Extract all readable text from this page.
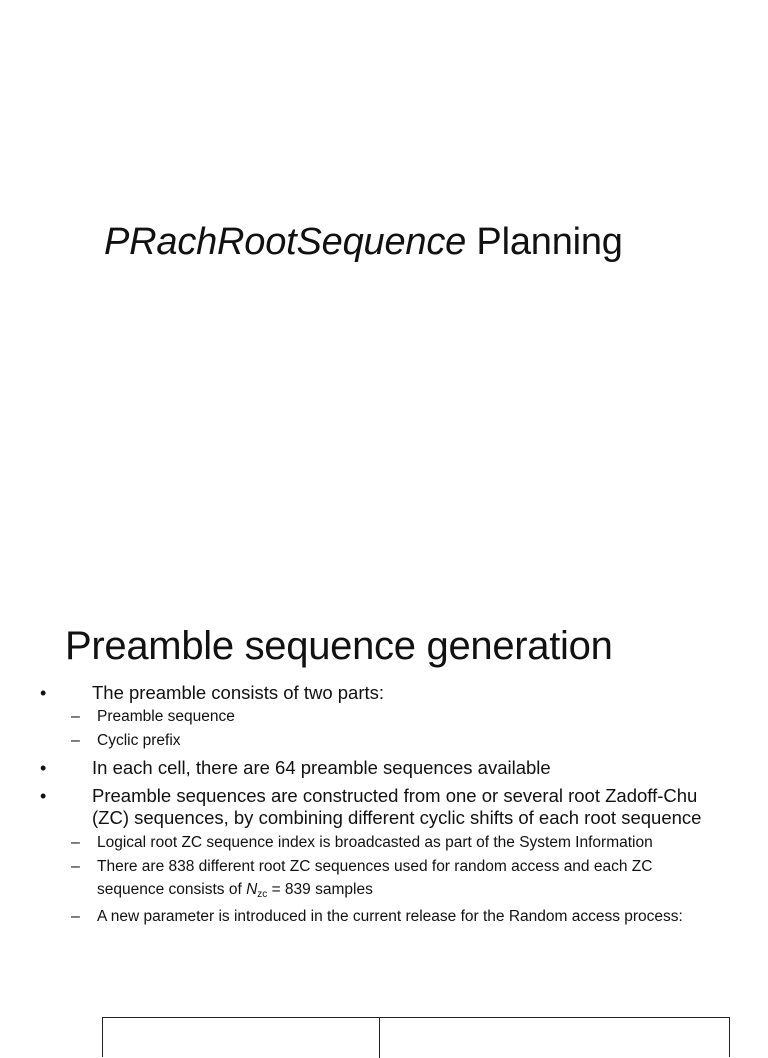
PRachRootSequence Planning
Preamble sequence generation
• The preamble consists of two parts:
– Preamble sequence
– Cyclic prefix
• In each cell, there are 64 preamble sequences available
• Preamble sequences are constructed from one or several root Zadoff-Chu
(ZC) sequences, by combining different cyclic shifts of each root sequence
– Logical root ZC sequence index is broadcasted as part of the System Information
– There are 838 different root ZC sequences used for random access and each ZC
sequence consists of $N_{zc} = 839$ samples
– A new parameter is introduced in the current release for the Random access process:
